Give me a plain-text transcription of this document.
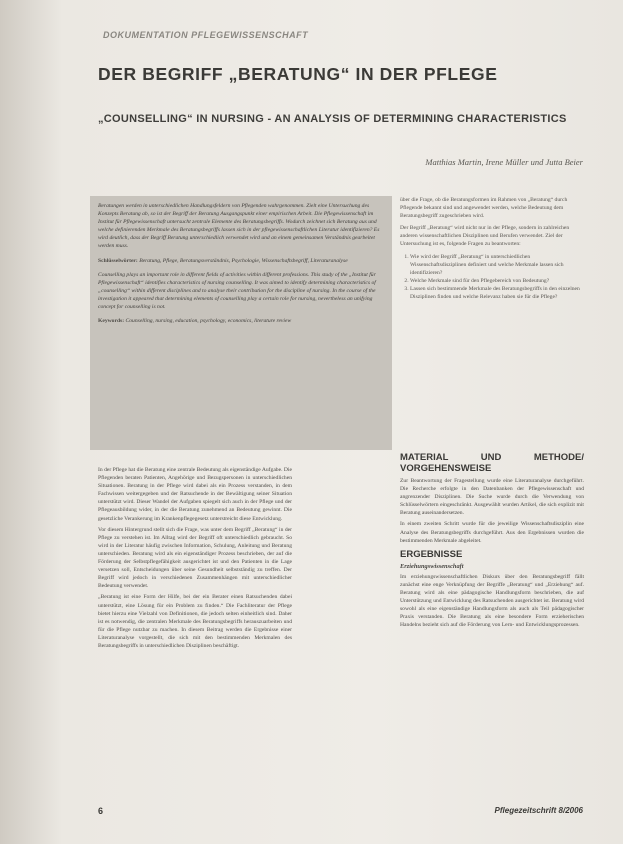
DOKUMENTATION PFLEGEWISSENSCHAFT
DER BEGRIFF „BERATUNG“ IN DER PFLEGE
„COUNSELLING“ IN NURSING - AN ANALYSIS OF DETERMINING CHARACTERISTICS
Matthias Martin, Irene Müller und Jutta Beier

Beratungen werden in unterschiedlichen Handlungsfeldern von Pflegenden wahrgenommen. Zielt eine Untersuchung des Konzepts Beratung ab, so ist der Begriff der Beratung Ausgangspunkt einer empirischen Arbeit. Die Pflegewissenschaft im Institut für Pflegewissenschaft untersucht zentrale Elemente des Beratungsbegriffs. Wodurch zeichnet sich Beratung aus und welche definierenden Merkmale des Beratungsbegriffs lassen sich in der pflegewissenschaftlichen Literatur identifizieren? Es wird deutlich, dass der Begriff Beratung unterschiedlich verwendet wird und an einem gemeinsamen Verständnis gearbeitet werden muss.

Schlüsselwörter: Beratung, Pflege, Beratungsverständnis, Psychologie, Wissenschaftsbegriff, Literaturanalyse

Counselling plays an important role in different fields of activities within different professions. This study of the „Institut für Pflegewissenschaft“ identifies characteristics of nursing counselling. It was aimed to identify determining characteristics of „counselling“ within different disciplines and to analyse their contribution for the discipline of nursing. In the course of the investigation it appeared that determining elements of counselling play a certain role for nursing, nevertheless an unifying concept for counselling is not.

Keywords: Counselling, nursing, education, psychology, economics, literature review

über die Frage, ob die Beratungsformen im Rahmen von „Beratung“ durch Pflegende bekannt sind und angewendet werden, welche Bedeutung dem Beratungsbegriff zugeschrieben wird.

Der Begriff „Beratung“ wird nicht nur in der Pflege, sondern in zahlreichen anderen wissenschaftlichen Disziplinen und Berufen verwendet. Ziel der Untersuchung ist es, folgende Fragen zu beantworten:

1. Wie wird der Begriff „Beratung“ in unterschiedlichen Wissenschaftsdisziplinen definiert und welche Merkmale lassen sich identifizieren?
2. Welche Merkmale sind für den Pflegebereich von Bedeutung?
3. Lassen sich bestimmende Merkmale des Beratungsbegriffs in den einzelnen Disziplinen finden und welche Relevanz haben sie für die Pflege?

In der Pflege hat die Beratung eine zentrale Bedeutung als eigenständige Aufgabe. Die Pflegenden beraten Patienten, Angehörige und Bezugspersonen in unterschiedlichen Situationen. Beratung in der Pflege wird dabei als ein Prozess verstanden, in dem Fachwissen weitergegeben und der Ratsuchende in der Bewältigung seiner Situation unterstützt wird. Dieser Wandel der Aufgaben spiegelt sich auch in der Pflege und der Pflegeausbildung wider, in der die Beratung zunehmend an Bedeutung gewinnt. Die gesetzliche Verankerung im Krankenpflegegesetz unterstreicht diese Entwicklung.

Vor diesem Hintergrund stellt sich die Frage, was unter dem Begriff „Beratung“ in der Pflege zu verstehen ist. Im Alltag wird der Begriff oft unterschiedlich gebraucht. So wird in der Literatur häufig zwischen Information, Schulung, Anleitung und Beratung unterschieden. Beratung wird als ein eigenständiger Prozess beschrieben, der auf die Förderung der Selbstpflegefähigkeit ausgerichtet ist und den Patienten in die Lage versetzen soll, Entscheidungen über seine Gesundheit selbstständig zu treffen. Der Begriff wird jedoch in verschiedenen Zusammenhängen mit unterschiedlicher Bedeutung verwendet.

„Beratung ist eine Form der Hilfe, bei der ein Berater einen Ratsuchenden dabei unterstützt, eine Lösung für ein Problem zu finden.“ Die Fachliteratur der Pflege bietet hierzu eine Vielzahl von Definitionen, die jedoch selten einheitlich sind. Daher ist es notwendig, die zentralen Merkmale des Beratungsbegriffs herauszuarbeiten und für die Pflege nutzbar zu machen. In diesem Beitrag werden die Ergebnisse einer Literaturanalyse vorgestellt, die sich mit den bestimmenden Merkmalen des Beratungsbegriffs in unterschiedlichen Disziplinen beschäftigt.

MATERIAL UND METHODE/ VORGEHENSWEISE

Zur Beantwortung der Fragestellung wurde eine Literaturanalyse durchgeführt. Die Recherche erfolgte in den Datenbanken der Pflegewissenschaft und angrenzender Disziplinen. Die Suche wurde durch die Verwendung von Schlüsselwörtern eingeschränkt. Ausgewählt wurden Artikel, die sich explizit mit Beratung auseinandersetzen.

In einem zweiten Schritt wurde für die jeweilige Wissenschaftsdisziplin eine Analyse des Beratungsbegriffs durchgeführt. Aus den Ergebnissen wurden die bestimmenden Merkmale abgeleitet.

ERGEBNISSE
Erziehungswissenschaft

Im erziehungswissenschaftlichen Diskurs über den Beratungsbegriff fällt zunächst eine enge Verknüpfung der Begriffe „Beratung“ und „Erziehung“ auf. Beratung wird als eine pädagogische Handlungsform beschrieben, die auf Unterstützung und Entwicklung des Ratsuchenden ausgerichtet ist. Beratung wird sowohl als eine eigenständige Handlungsform als auch als Teil pädagogischer Praxis verstanden. Die Beratung als eine besondere Form erzieherischen Handelns bezieht sich auf die Förderung von Lern- und Entwicklungsprozessen.

6	Pflegezeitschrift 8/2006
